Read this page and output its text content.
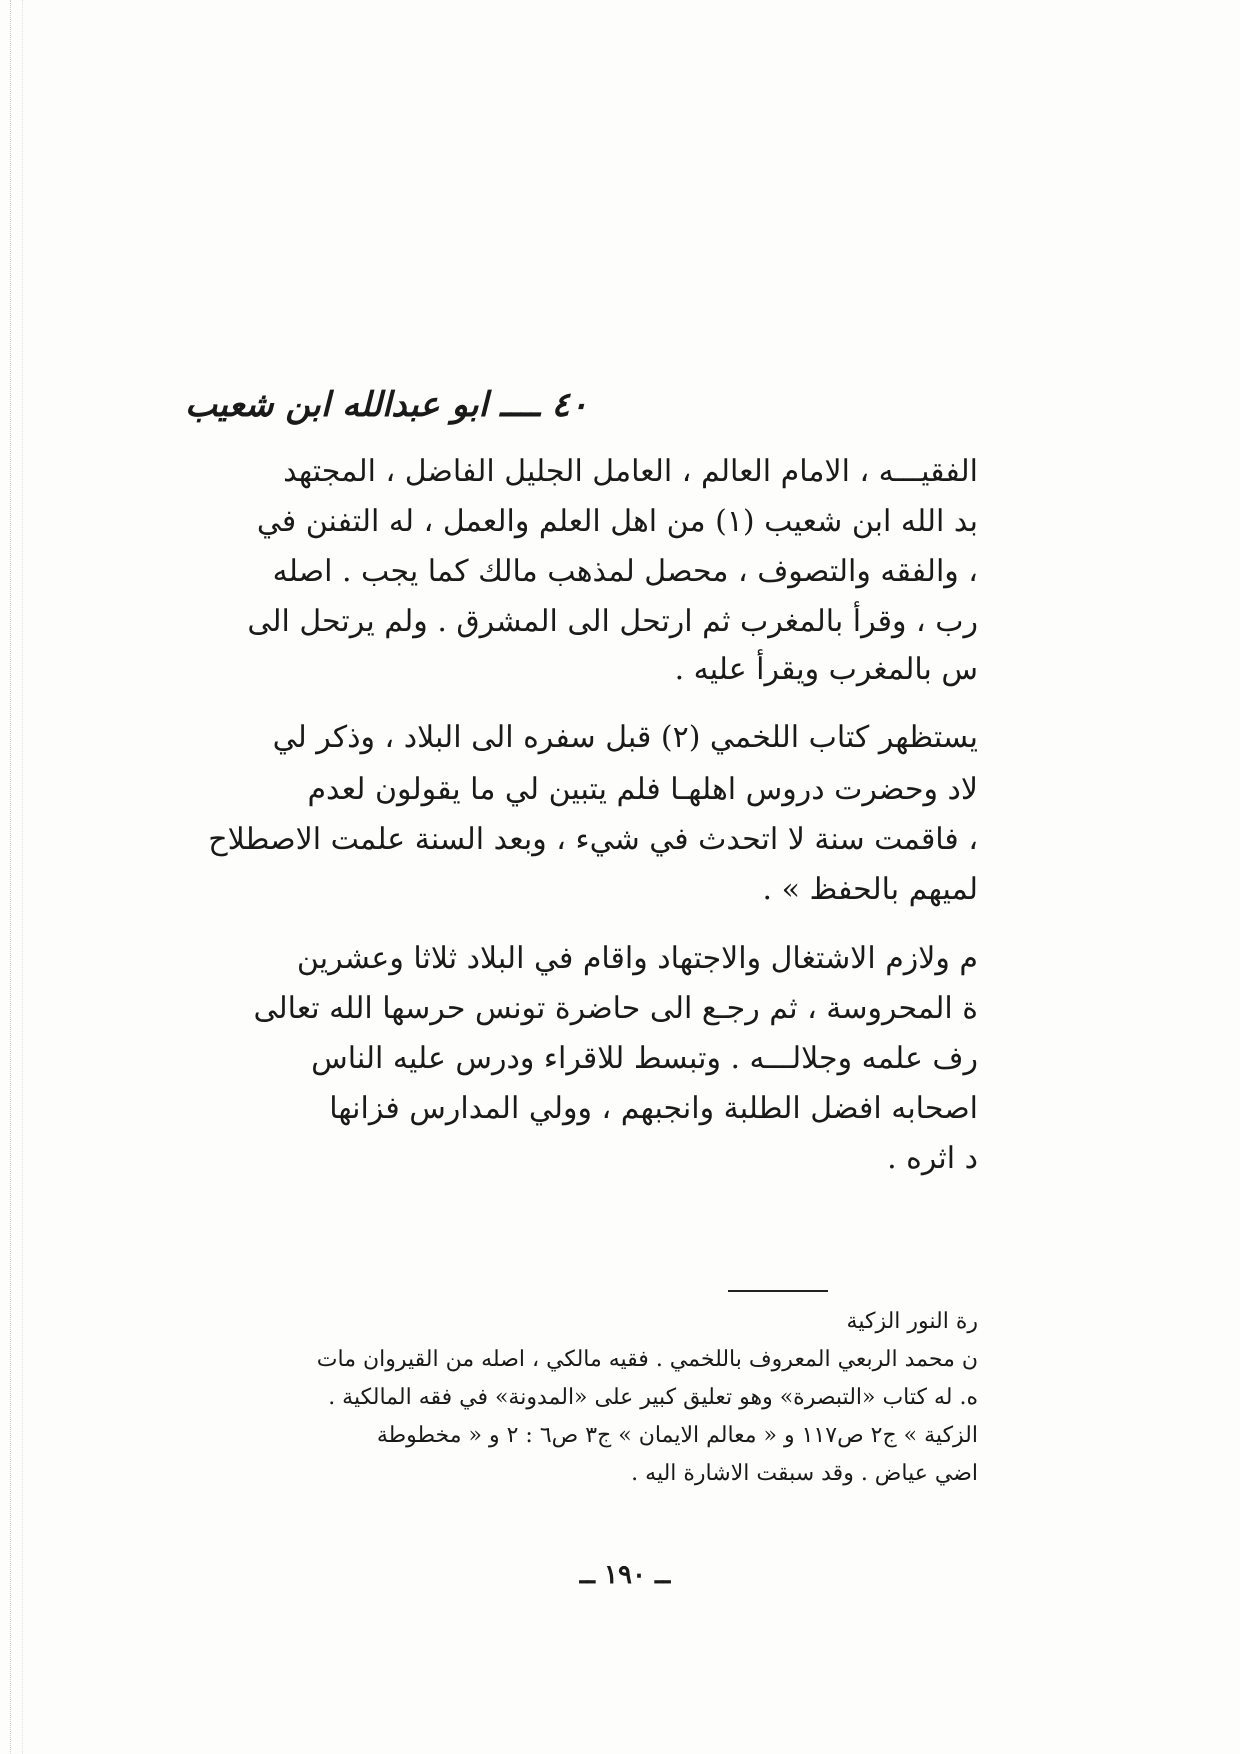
٤٠ ــــ ابو عبدالله ابن شعيب
الفقيـــه ، الامام العالم ، العامل الجليل الفاضل ، المجتهد
بد الله ابن شعيب (١) من اهل العلم والعمل ، له التفنن في
، والفقه والتصوف ، محصل لمذهب مالك كما يجب . اصله
رب ، وقرأ بالمغرب ثم ارتحل الى المشرق . ولم يرتحل الى
س بالمغرب ويقرأ عليه .
يستظهر كتاب اللخمي (٢) قبل سفره الى البلاد ، وذكر لي
لاد وحضرت دروس اهلهـا فلم يتبين لي ما يقولون لعدم
، فاقمت سنة لا اتحدث في شيء ، وبعد السنة علمت الاصطلاح
لميهم بالحفظ » .
م ولازم الاشتغال والاجتهاد واقام في البلاد ثلاثا وعشرين
ة المحروسة ، ثم رجـع الى حاضرة تونس حرسها الله تعالى
رف علمه وجلالـــه . وتبسط للاقراء ودرس عليه الناس
اصحابه افضل الطلبة وانجبهم ، وولي المدارس فزانها
د اثره .
رة النور الزكية
ن محمد الربعي المعروف باللخمي . فقيه مالكي ، اصله من القيروان مات
ه. له كتاب «التبصرة» وهو تعليق كبير على «المدونة» في فقه المالكية .
الزكية » ج٢ ص١١٧ و « معالم الايمان » ج٣ ص٦ : ٢ و « مخطوطة
اضي عياض . وقد سبقت الاشارة اليه .
ــ ١٩٠ ــ
